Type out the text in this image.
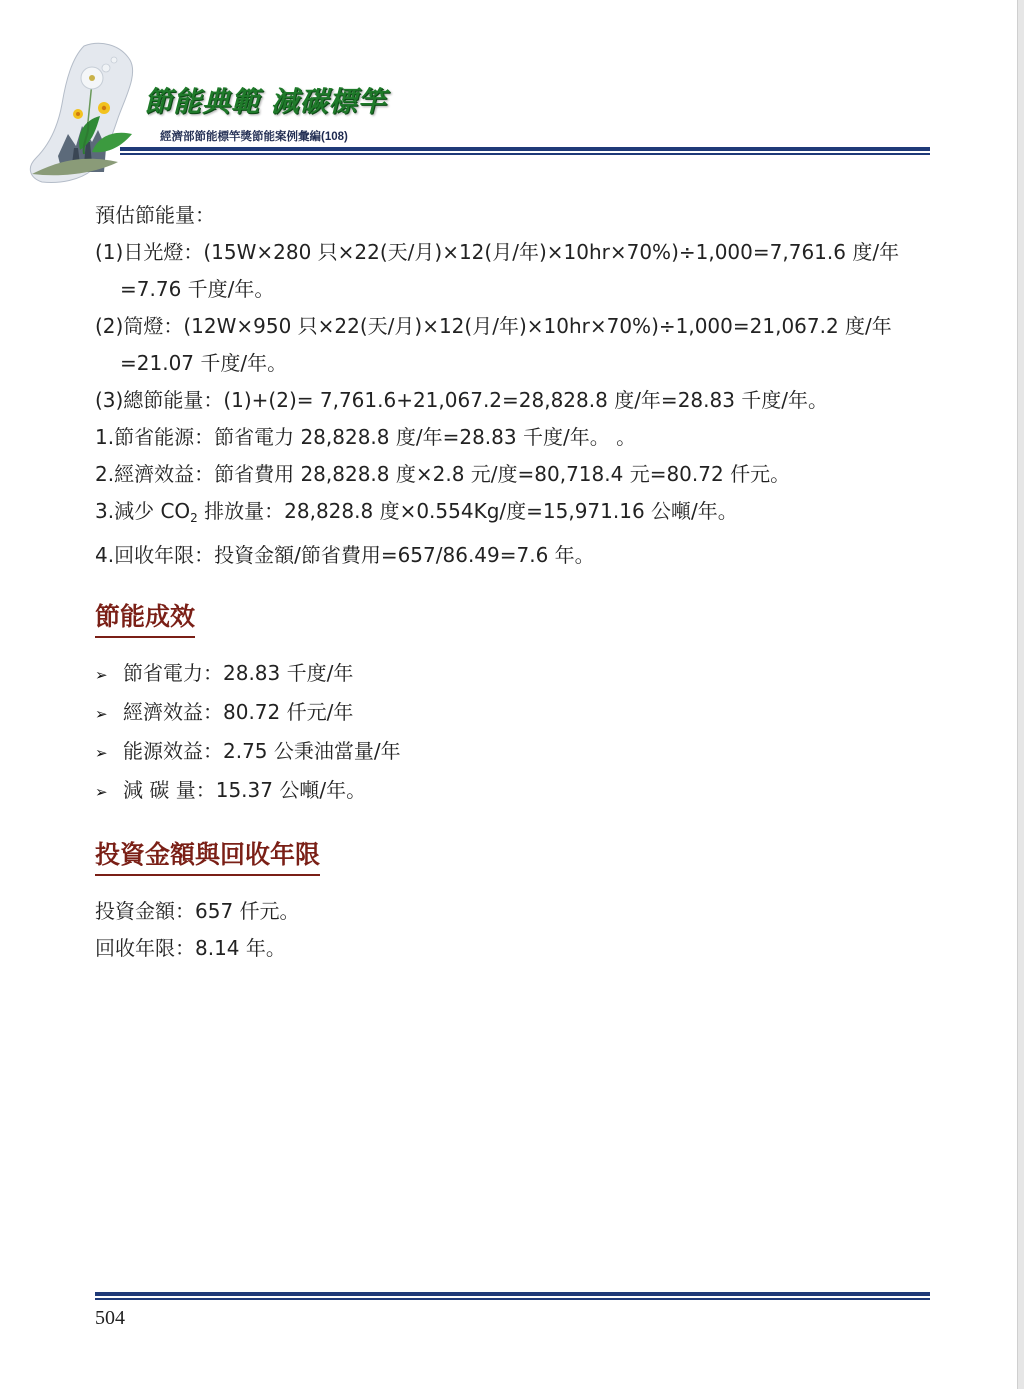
節能典範 減碳標竿

經濟部節能標竿獎節能案例彙編(108)

預估節能量：

(1)日光燈：(15W×280 只×22(天/月)×12(月/年)×10hr×70%)÷1,000=7,761.6 度/年

=7.76 千度/年。

(2)筒燈：(12W×950 只×22(天/月)×12(月/年)×10hr×70%)÷1,000=21,067.2 度/年

=21.07 千度/年。

(3)總節能量：(1)+(2)= 7,761.6+21,067.2=28,828.8 度/年=28.83 千度/年。

1.節省能源：節省電力 28,828.8 度/年=28.83 千度/年。 。

2.經濟效益：節省費用 28,828.8 度×2.8 元/度=80,718.4 元=80.72 仟元。

3.減少 $CO_2$ 排放量：28,828.8 度×0.554Kg/度=15,971.16 公噸/年。

4.回收年限：投資金額/節省費用=657/86.49=7.6 年。

節能成效
➢ 節省電力：28.83 千度/年
➢ 經濟效益：80.72 仟元/年
➢ 能源效益：2.75 公秉油當量/年
➢ 減 碳 量：15.37 公噸/年。
投資金額與回收年限

投資金額：657 仟元。

回收年限：8.14 年。

504
